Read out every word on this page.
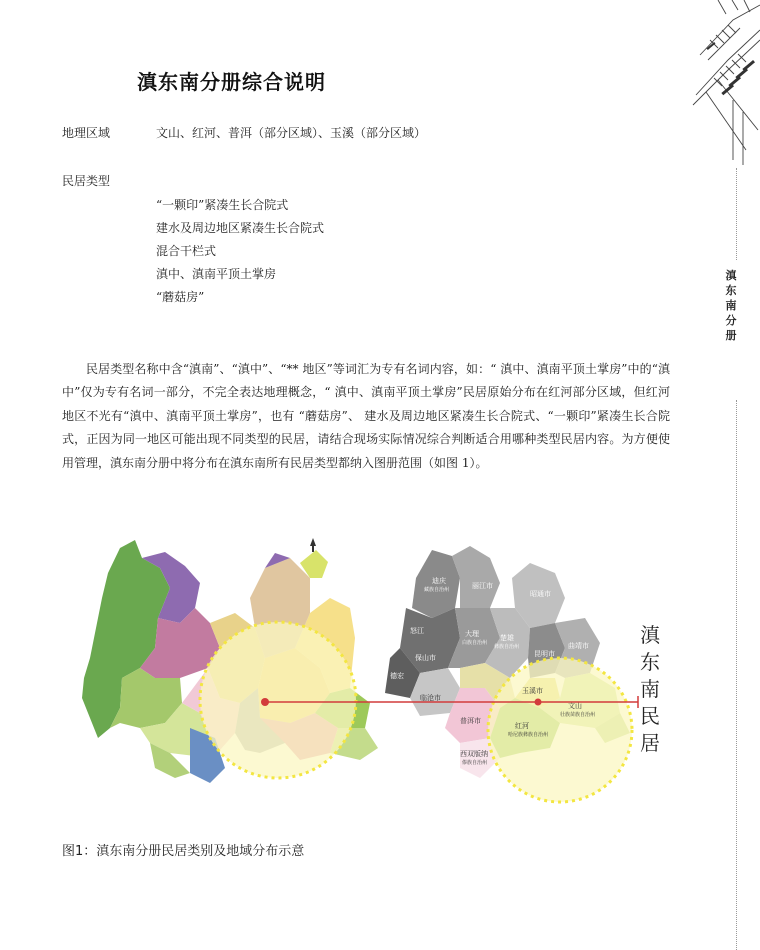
滇东南分册
滇东南分册综合说明
地理区域	文山、红河、普洱（部分区域）、玉溪（部分区域）
民居类型
“一颗印”紧凑生长合院式
建水及周边地区紧凑生长合院式
混合干栏式
滇中、滇南平顶土掌房
“蘑菇房”

民居类型名称中含“滇南”、“滇中”、“** 地区”等词汇为专有名词内容，如：“ 滇中、滇南平顶土掌房”中的“滇中”仅为专有名词一部分，不完全表达地理概念，“ 滇中、滇南平顶土掌房”民居原始分布在红河部分区域，但红河地区不光有“滇中、滇南平顶土掌房”，也有 “蘑菇房”、 建水及周边地区紧凑生长合院式、“一颗印”紧凑生长合院式，正因为同一地区可能出现不同类型的民居，请结合现场实际情况综合判断适合用哪种类型民居内容。为方便使用管理，滇东南分册中将分布在滇东南所有民居类型都纳入图册范围（如图 1）。

迪庆
藏族自治州	丽江市
昭通市
怒江	大理
白族自治州
保山市
楚雄
彝族自治州
昆明市
曲靖市
德宏
临沧市
玉溪市
普洱市
红河
哈尼族彝族自治州
文山
壮族苗族自治州
西双版纳
傣族自治州
滇东南民居
图1：滇东南分册民居类别及地域分布示意
